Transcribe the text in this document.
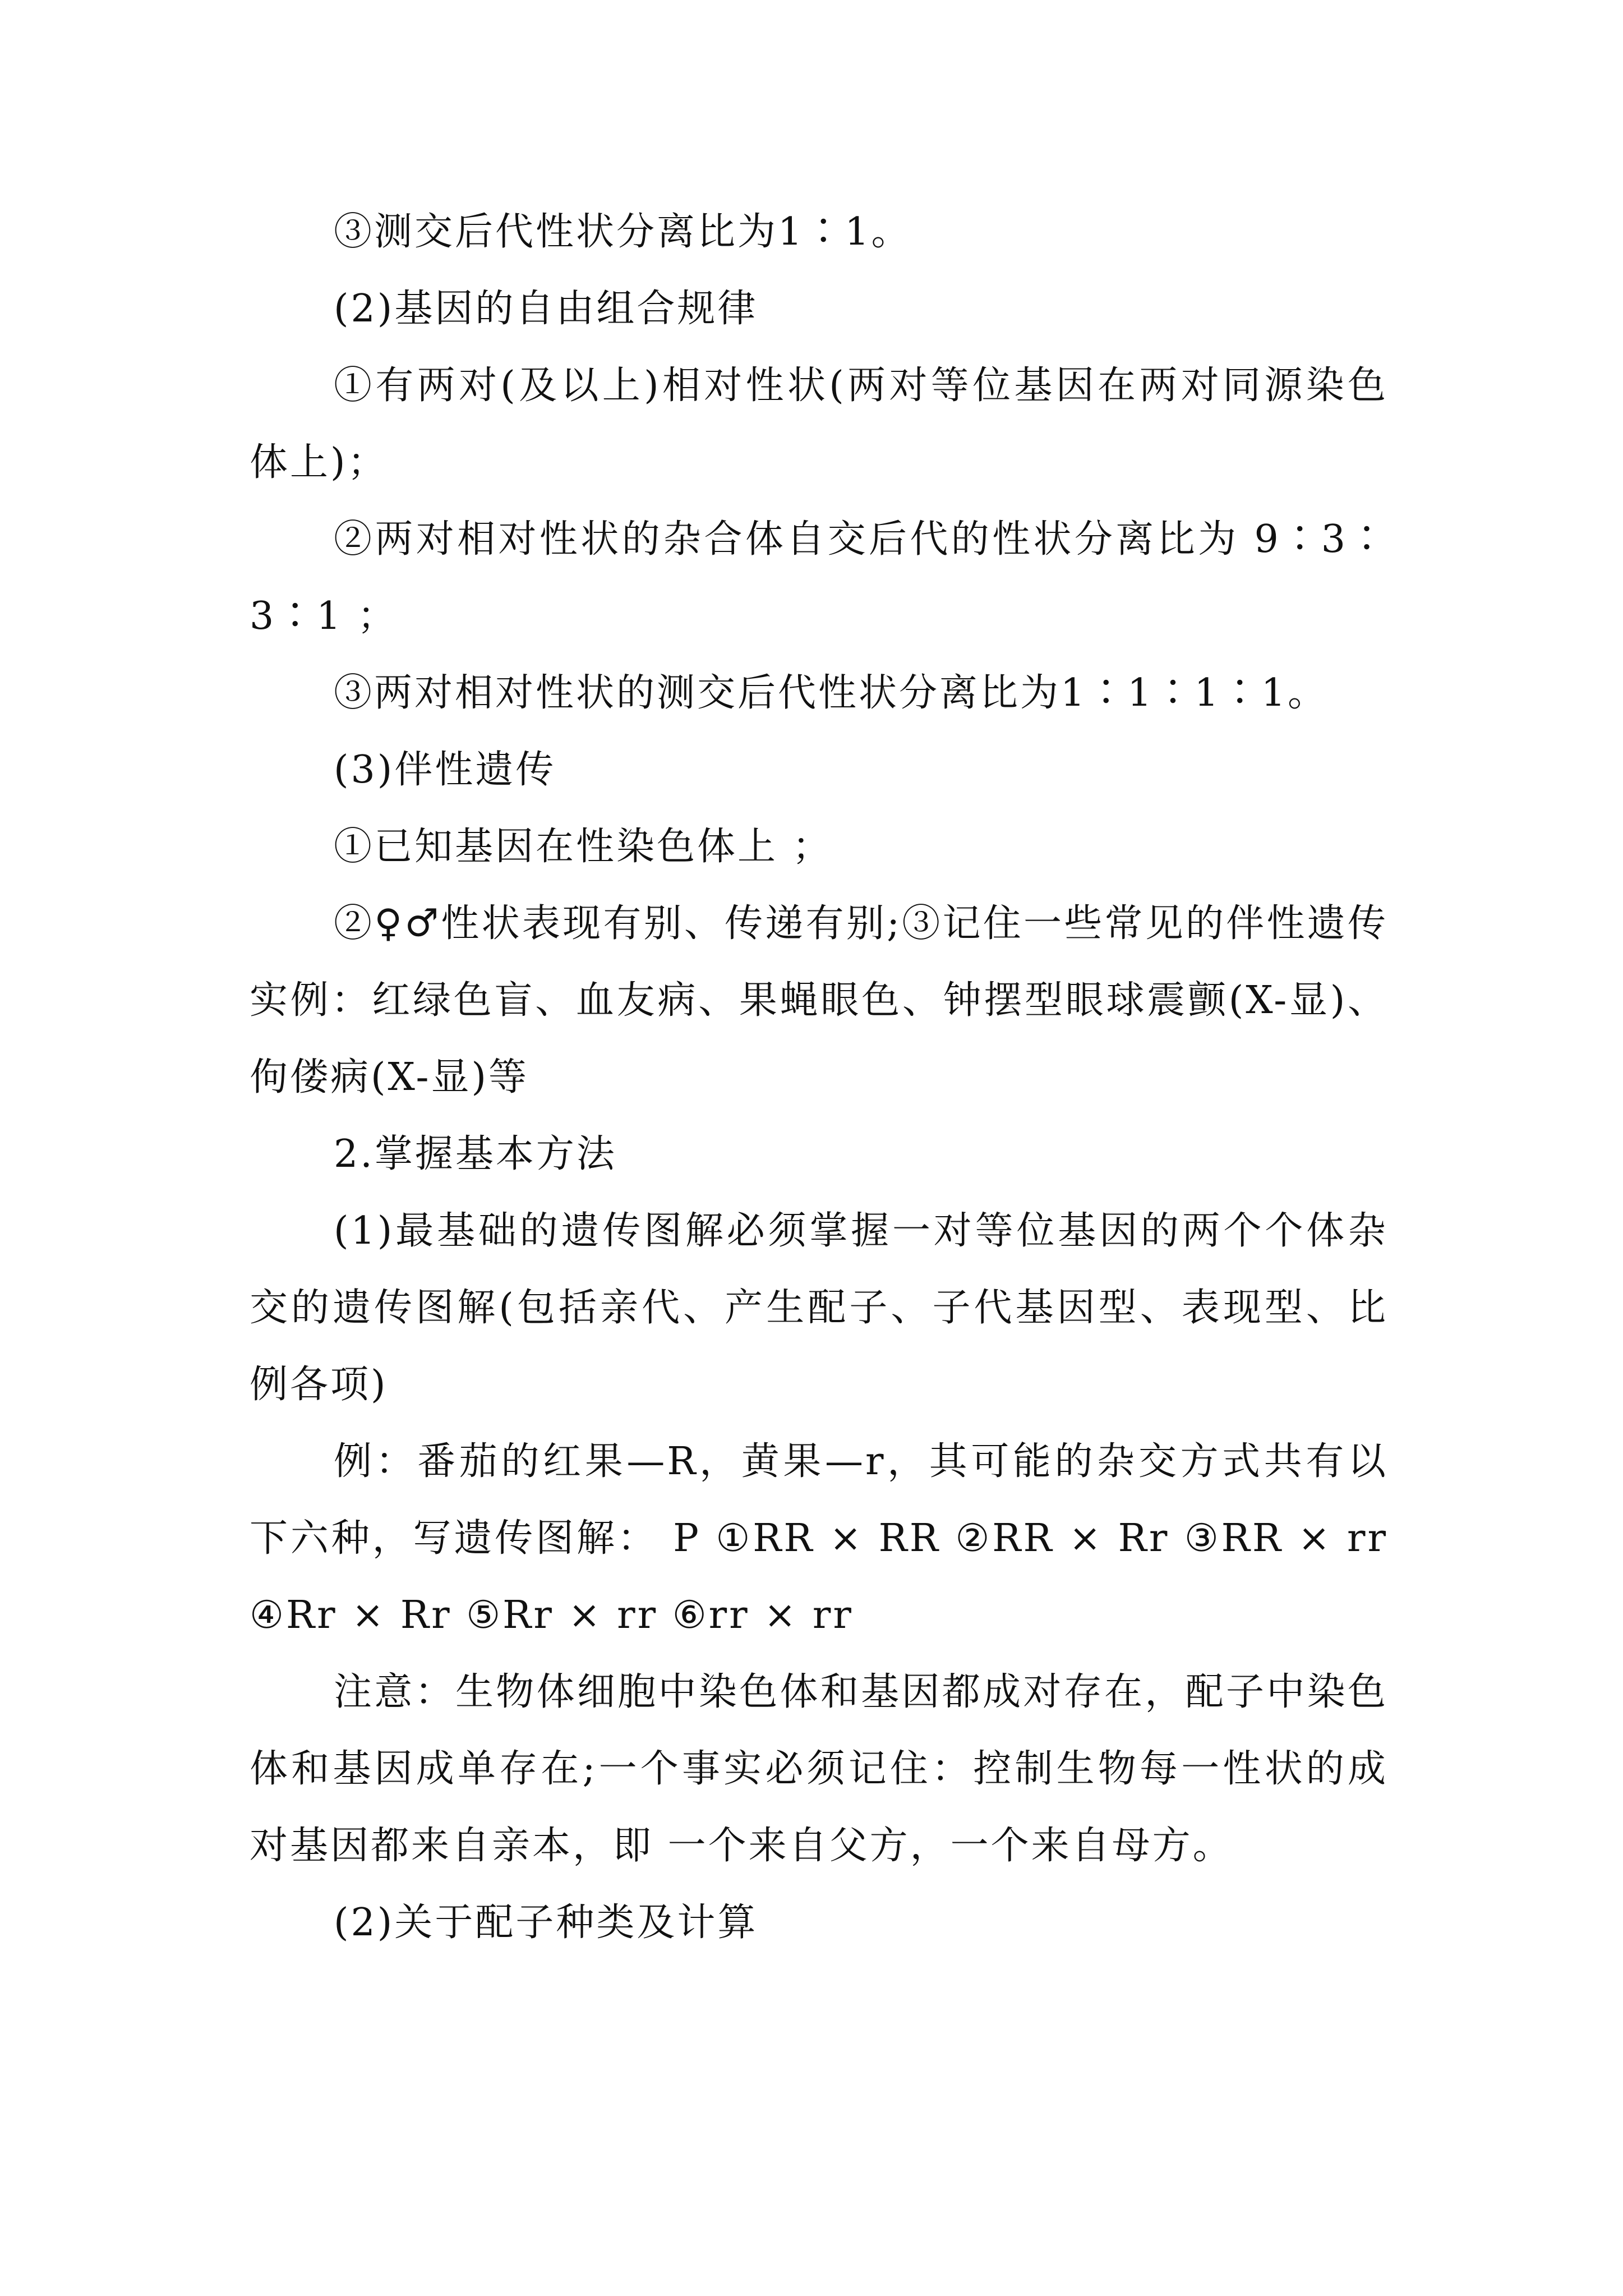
③测交后代性状分离比为1∶1。

(2)基因的自由组合规律

①有两对(及以上)相对性状(两对等位基因在两对同源染色体上)；

②两对相对性状的杂合体自交后代的性状分离比为 9∶3∶3∶1 ；

③两对相对性状的测交后代性状分离比为1∶1∶1∶1。

(3)伴性遗传

①已知基因在性染色体上 ；

②♀♂性状表现有别、传递有别;③记住一些常见的伴性遗传实例：红绿色盲、血友病、果蝇眼色、钟摆型眼球震颤(X-显)、佝偻病(X-显)等

2.掌握基本方法

(1)最基础的遗传图解必须掌握一对等位基因的两个个体杂交的遗传图解(包括亲代、产生配子、子代基因型、表现型、比例各项)

例：番茄的红果—R，黄果—r，其可能的杂交方式共有以下六种，写遗传图解： P ①RR × RR ②RR × Rr ③RR × rr ④Rr × Rr ⑤Rr × rr ⑥rr × rr

注意：生物体细胞中染色体和基因都成对存在，配子中染色体和基因成单存在;一个事实必须记住：控制生物每一性状的成对基因都来自亲本，即 一个来自父方，一个来自母方。

(2)关于配子种类及计算
